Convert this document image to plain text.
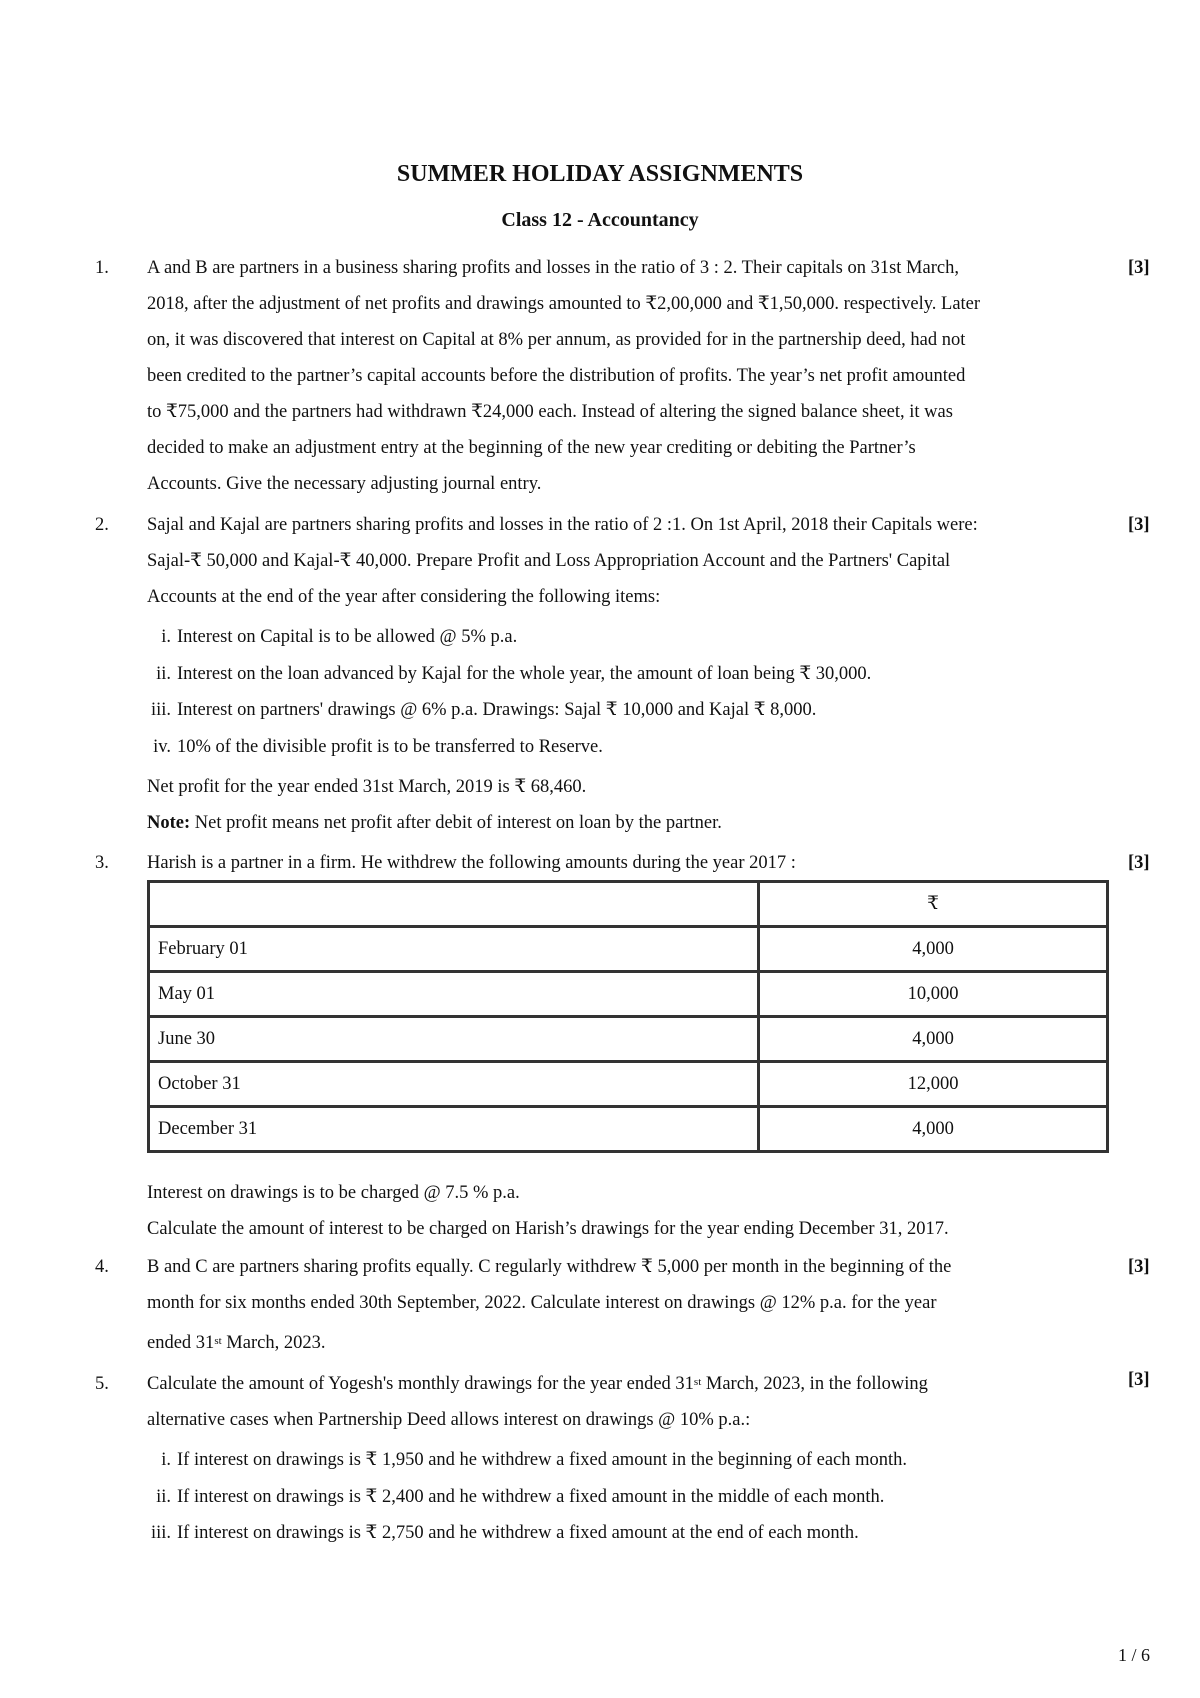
SUMMER HOLIDAY ASSIGNMENTS
Class 12 - Accountancy
1.	[3]
A and B are partners in a business sharing profits and losses in the ratio of 3 : 2. Their capitals on 31st March,
2018, after the adjustment of net profits and drawings amounted to ₹2,00,000 and ₹1,50,000. respectively. Later
on, it was discovered that interest on Capital at 8% per annum, as provided for in the partnership deed, had not
been credited to the partner’s capital accounts before the distribution of profits. The year’s net profit amounted
to ₹75,000 and the partners had withdrawn ₹24,000 each. Instead of altering the signed balance sheet, it was
decided to make an adjustment entry at the beginning of the new year crediting or debiting the Partner’s
Accounts. Give the necessary adjusting journal entry.
2.	[3]
Sajal and Kajal are partners sharing profits and losses in the ratio of 2 :1. On 1st April, 2018 their Capitals were:
Sajal-₹ 50,000 and Kajal-₹ 40,000. Prepare Profit and Loss Appropriation Account and the Partners' Capital
Accounts at the end of the year after considering the following items:
i. Interest on Capital is to be allowed @ 5% p.a.
ii. Interest on the loan advanced by Kajal for the whole year, the amount of loan being ₹ 30,000.
iii. Interest on partners' drawings @ 6% p.a. Drawings: Sajal ₹ 10,000 and Kajal ₹ 8,000.
iv. 10% of the divisible profit is to be transferred to Reserve.
Net profit for the year ended 31st March, 2019 is ₹ 68,460.
Note: Net profit means net profit after debit of interest on loan by the partner.
3.	[3]
Harish is a partner in a firm. He withdrew the following amounts during the year 2017 :
	₹
February 01	4,000
May 01	10,000
June 30	4,000
October 31	12,000
December 31	4,000
Interest on drawings is to be charged @ 7.5 % p.a.
Calculate the amount of interest to be charged on Harish’s drawings for the year ending December 31, 2017.
4.	[3]
B and C are partners sharing profits equally. C regularly withdrew ₹ 5,000 per month in the beginning of the
month for six months ended 30th September, 2022. Calculate interest on drawings @ 12% p.a. for the year
ended 31st March, 2023.
5.	[3]
Calculate the amount of Yogesh's monthly drawings for the year ended 31st March, 2023, in the following
alternative cases when Partnership Deed allows interest on drawings @ 10% p.a.:
i. If interest on drawings is ₹ 1,950 and he withdrew a fixed amount in the beginning of each month.
ii. If interest on drawings is ₹ 2,400 and he withdrew a fixed amount in the middle of each month.
iii. If interest on drawings is ₹ 2,750 and he withdrew a fixed amount at the end of each month.
1 / 6
